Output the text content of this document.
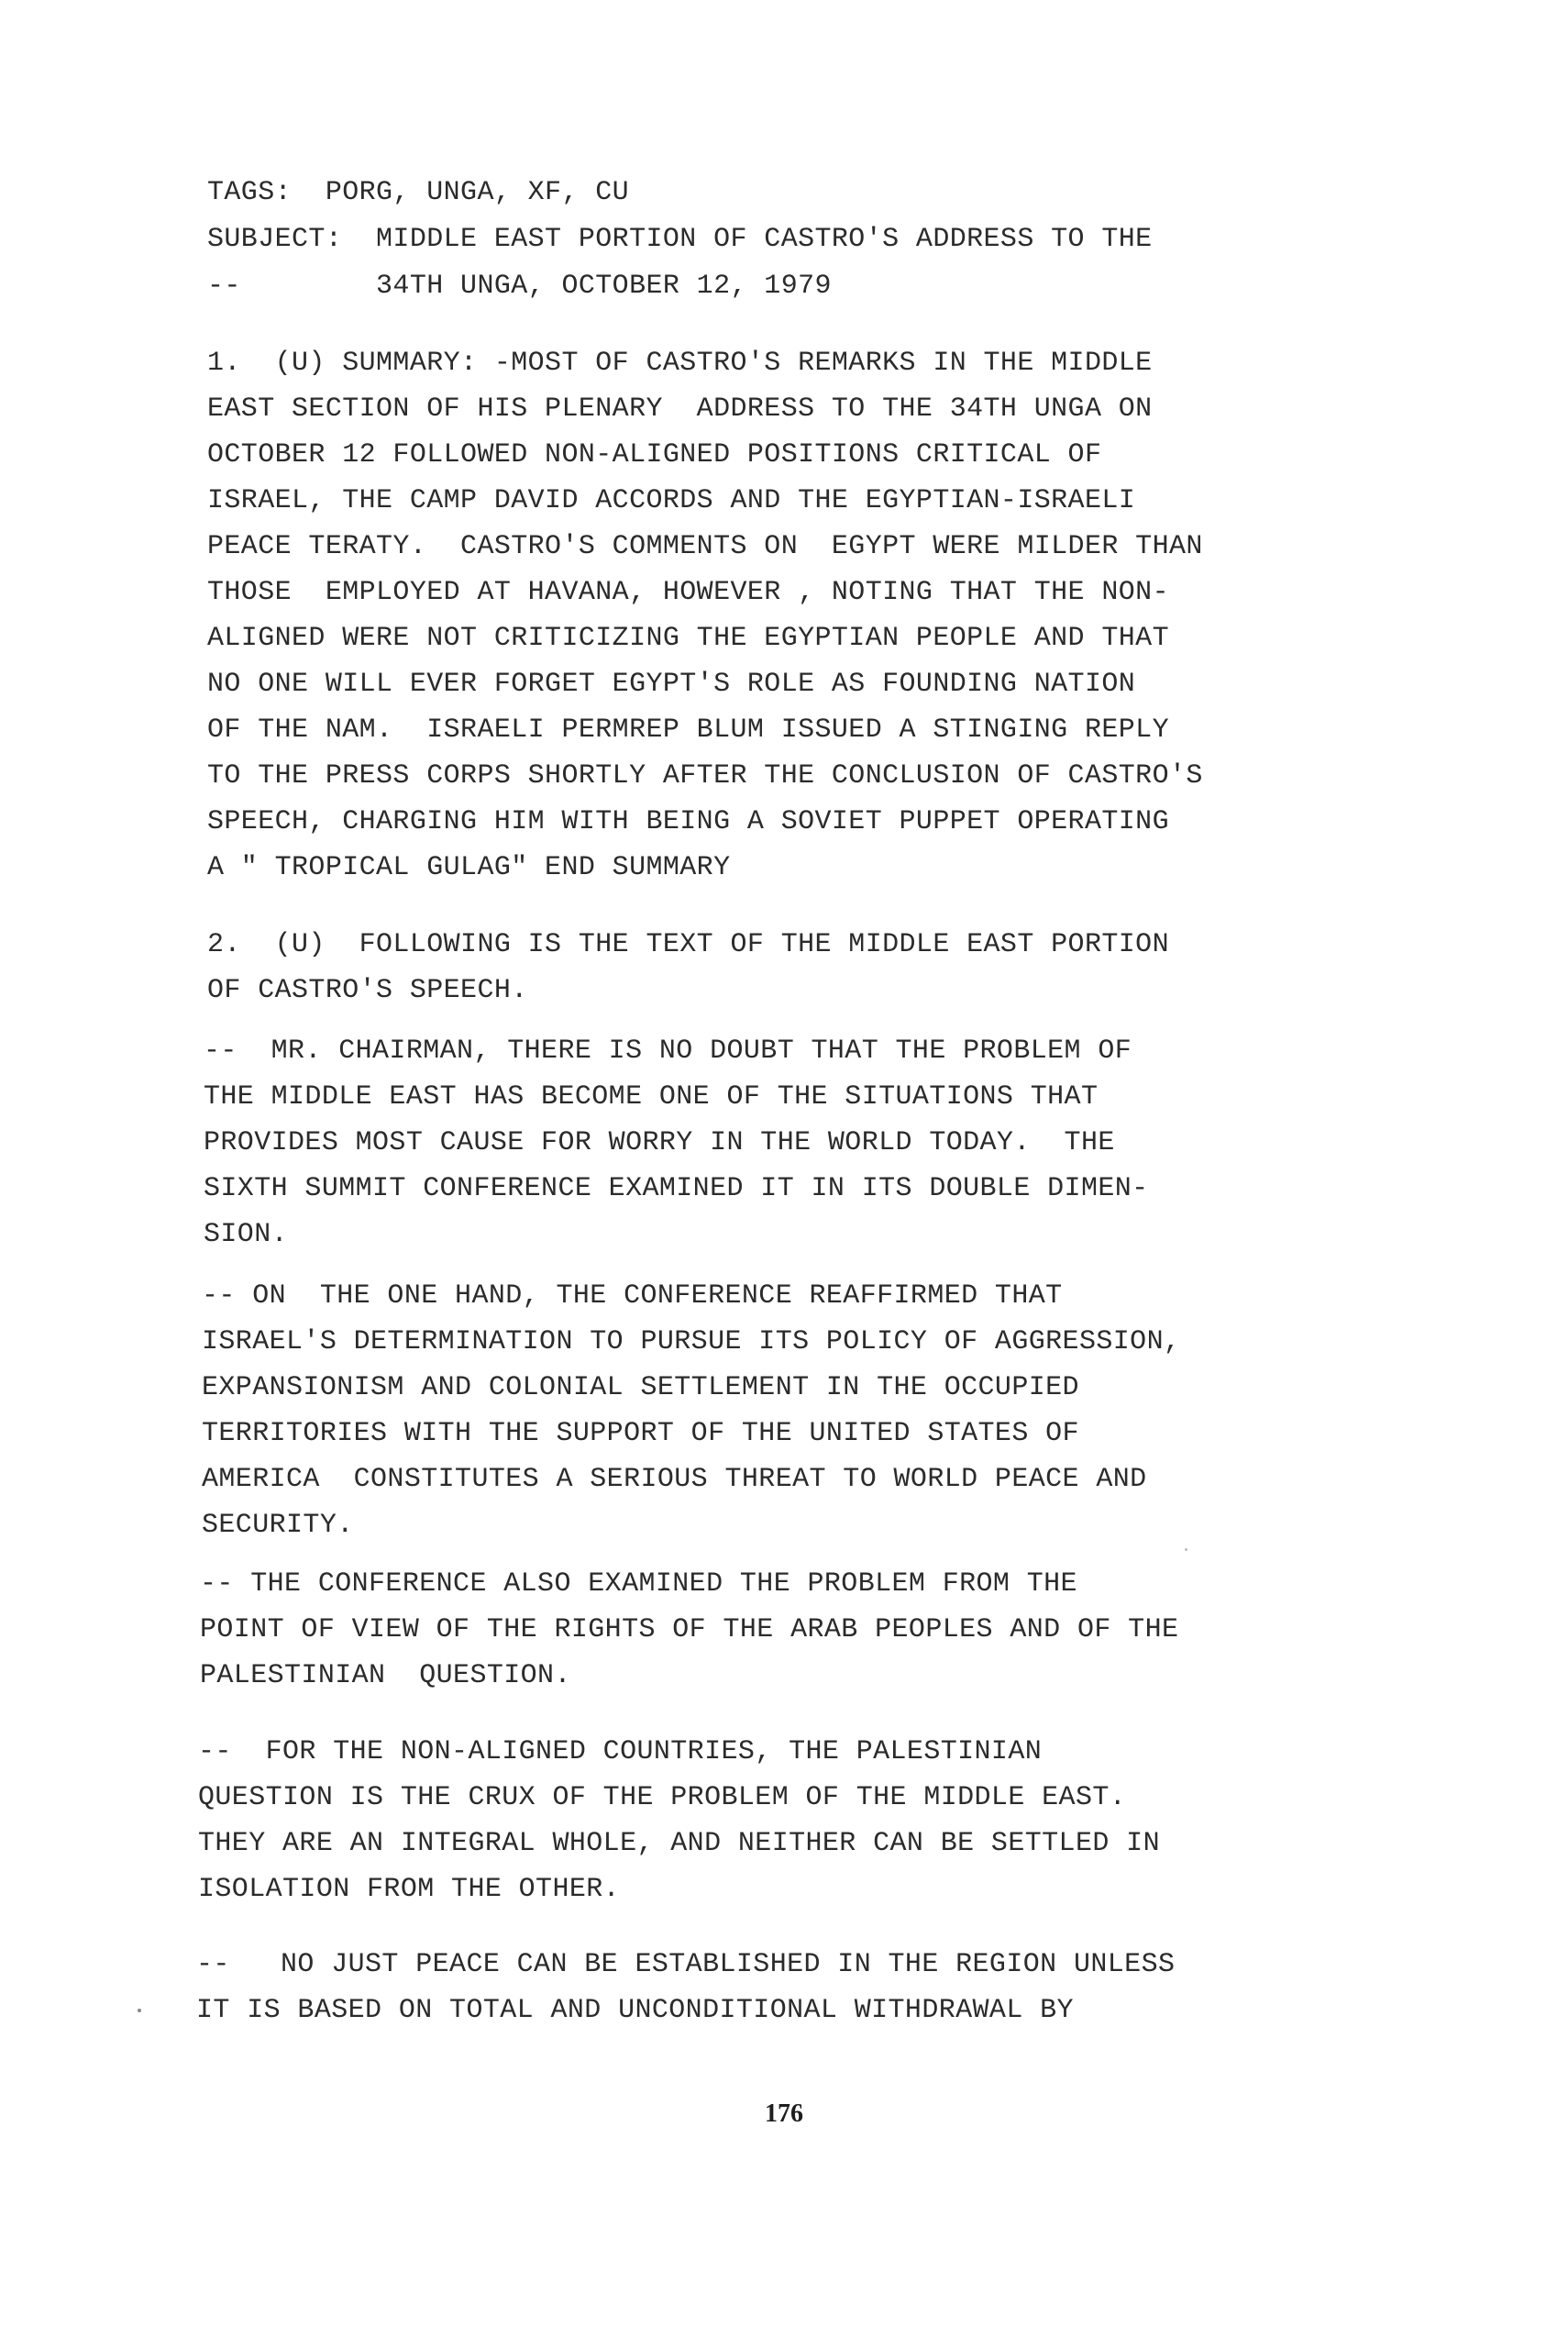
TAGS:  PORG, UNGA, XF, CU
SUBJECT:  MIDDLE EAST PORTION OF CASTRO'S ADDRESS TO THE
--        34TH UNGA, OCTOBER 12, 1979
1.  (U) SUMMARY: -MOST OF CASTRO'S REMARKS IN THE MIDDLE
EAST SECTION OF HIS PLENARY  ADDRESS TO THE 34TH UNGA ON
OCTOBER 12 FOLLOWED NON-ALIGNED POSITIONS CRITICAL OF
ISRAEL, THE CAMP DAVID ACCORDS AND THE EGYPTIAN-ISRAELI
PEACE TERATY.  CASTRO'S COMMENTS ON  EGYPT WERE MILDER THAN
THOSE  EMPLOYED AT HAVANA, HOWEVER , NOTING THAT THE NON-
ALIGNED WERE NOT CRITICIZING THE EGYPTIAN PEOPLE AND THAT
NO ONE WILL EVER FORGET EGYPT'S ROLE AS FOUNDING NATION
OF THE NAM.  ISRAELI PERMREP BLUM ISSUED A STINGING REPLY
TO THE PRESS CORPS SHORTLY AFTER THE CONCLUSION OF CASTRO'S
SPEECH, CHARGING HIM WITH BEING A SOVIET PUPPET OPERATING
A " TROPICAL GULAG" END SUMMARY
2.  (U)  FOLLOWING IS THE TEXT OF THE MIDDLE EAST PORTION
OF CASTRO'S SPEECH.
--  MR. CHAIRMAN, THERE IS NO DOUBT THAT THE PROBLEM OF
THE MIDDLE EAST HAS BECOME ONE OF THE SITUATIONS THAT
PROVIDES MOST CAUSE FOR WORRY IN THE WORLD TODAY.  THE
SIXTH SUMMIT CONFERENCE EXAMINED IT IN ITS DOUBLE DIMEN-
SION.
-- ON  THE ONE HAND, THE CONFERENCE REAFFIRMED THAT
ISRAEL'S DETERMINATION TO PURSUE ITS POLICY OF AGGRESSION,
EXPANSIONISM AND COLONIAL SETTLEMENT IN THE OCCUPIED
TERRITORIES WITH THE SUPPORT OF THE UNITED STATES OF
AMERICA  CONSTITUTES A SERIOUS THREAT TO WORLD PEACE AND
SECURITY.
-- THE CONFERENCE ALSO EXAMINED THE PROBLEM FROM THE
POINT OF VIEW OF THE RIGHTS OF THE ARAB PEOPLES AND OF THE
PALESTINIAN  QUESTION.
--  FOR THE NON-ALIGNED COUNTRIES, THE PALESTINIAN
QUESTION IS THE CRUX OF THE PROBLEM OF THE MIDDLE EAST.
THEY ARE AN INTEGRAL WHOLE, AND NEITHER CAN BE SETTLED IN
ISOLATION FROM THE OTHER.
--   NO JUST PEACE CAN BE ESTABLISHED IN THE REGION UNLESS
IT IS BASED ON TOTAL AND UNCONDITIONAL WITHDRAWAL BY
176
